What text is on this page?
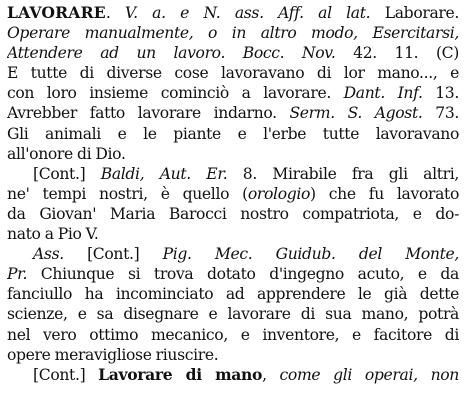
LAVORARE. V. a. e N. ass. Aff. al lat. Laborare.
Operare manualmente, o in altro modo, Esercitarsi,
Attendere ad un lavoro. Bocc. Nov. 42. 11. (C)
E tutte di diverse cose lavoravano di lor mano..., e
con loro insieme cominciò a lavorare. Dant. Inf. 13.
Avrebber fatto lavorare indarno. Serm. S. Agost. 73.
Gli animali e le piante e l'erbe tutte lavoravano
all'onore di Dio.
[Cont.] Baldi, Aut. Er. 8. Mirabile fra gli altri,
ne' tempi nostri, è quello (orologio) che fu lavorato
da Giovan' Maria Barocci nostro compatriota, e do-
nato a Pio V.
Ass. [Cont.] Pig. Mec. Guidub. del Monte,
Pr. Chiunque si trova dotato d'ingegno acuto, e da
fanciullo ha incominciato ad apprendere le già dette
scienze, e sa disegnare e lavorare di sua mano, potrà
nel vero ottimo mecanico, e inventore, e facitore di
opere meravigliose riuscire.
[Cont.] Lavorare di mano, come gli operai, non
